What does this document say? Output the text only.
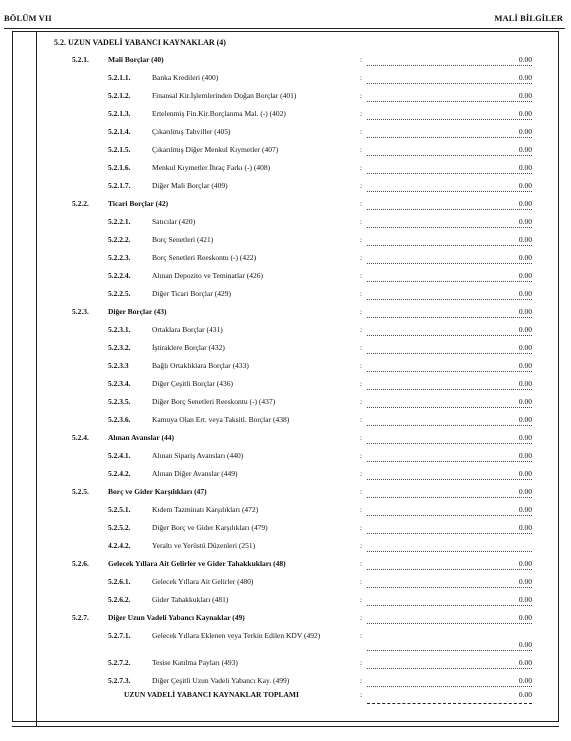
BÖLÜM VII	MALİ BİLGİLER
5.2. UZUN VADELİ YABANCI KAYNAKLAR (4)
5.2.1.	Mali Borçlar (40)	:	0.00
5.2.1.1.	Banka Kredileri (400)	:	0.00
5.2.1.2.	Finansal Kir.İşlemlerinden Doğan Borçlar (401)	:	0.00
5.2.1.3.	Ertelenmiş Fin.Kir.Borçlanma Mal. (-) (402)	:	0.00
5.2.1.4.	Çıkarılmış Tahviller (405)	:	0.00
5.2.1.5.	Çıkarılmış Diğer Menkul Kıymetler (407)	:	0.00
5.2.1.6.	Menkul Kıymetler İhraç Farkı (-) (408)	:	0.00
5.2.1.7.	Diğer Mali Borçlar (409)	:	0.00
5.2.2.	Ticari Borçlar (42)	:	0.00
5.2.2.1.	Satıcılar (420)	:	0.00
5.2.2.2.	Borç Senetleri (421)	:	0.00
5.2.2.3.	Borç Senetleri Reeskontu (-) (422)	:	0.00
5.2.2.4.	Alınan Depozito ve Teminatlar (426)	:	0.00
5.2.2.5.	Diğer Ticari Borçlar (429)	:	0.00
5.2.3.	Diğer Borçlar (43)	:	0.00
5.2.3.1.	Ortaklara Borçlar (431)	:	0.00
5.2.3.2.	İştiraklere Borçlar (432)	:	0.00
5.2.3.3	Bağlı Ortaklıklara Borçlar (433)	:	0.00
5.2.3.4.	Diğer Çeşitli Borçlar (436)	:	0.00
5.2.3.5.	Diğer Borç Senetleri Reeskontu (-) (437)	:	0.00
5.2.3.6.	Kamuya Olan Ert. veya Taksitl. Borçlar (438)	:	0.00
5.2.4.	Alınan Avanslar (44)	:	0.00
5.2.4.1.	Alınan Sipariş Avansları (440)	:	0.00
5.2.4.2.	Alınan Diğer Avanslar (449)	:	0.00
5.2.5.	Borç ve Gider Karşılıkları (47)	:	0.00
5.2.5.1.	Kıdem Tazminatı Karşılıkları (472)	:	0.00
5.2.5.2.	Diğer Borç ve Gider Karşılıkları (479)	:	0.00
4.2.4.2.	Yeraltı ve Yerüstü Düzenleri (251)	:
5.2.6.	Gelecek Yıllara Ait Gelirler ve Gider Tahakkukları (48)	:	0.00
5.2.6.1.	Gelecek Yıllara Ait Gelirler (480)	:	0.00
5.2.6.2.	Gider Tahakkukları (481)	:	0.00
5.2.7.	Diğer Uzun Vadeli Yabancı Kaynaklar (49)	:	0.00
5.2.7.1.	Gelecek Yıllara Eklenen veya Terkin Edilen KDV (492)	:
0.00
5.2.7.2.	Tesise Katılma Payları (493)	:	0.00
5.2.7.3.	Diğer Çeşitli Uzun Vadeli Yabancı Kay. (499)	:	0.00
UZUN VADELİ YABANCI KAYNAKLAR TOPLAMI	:	0.00
